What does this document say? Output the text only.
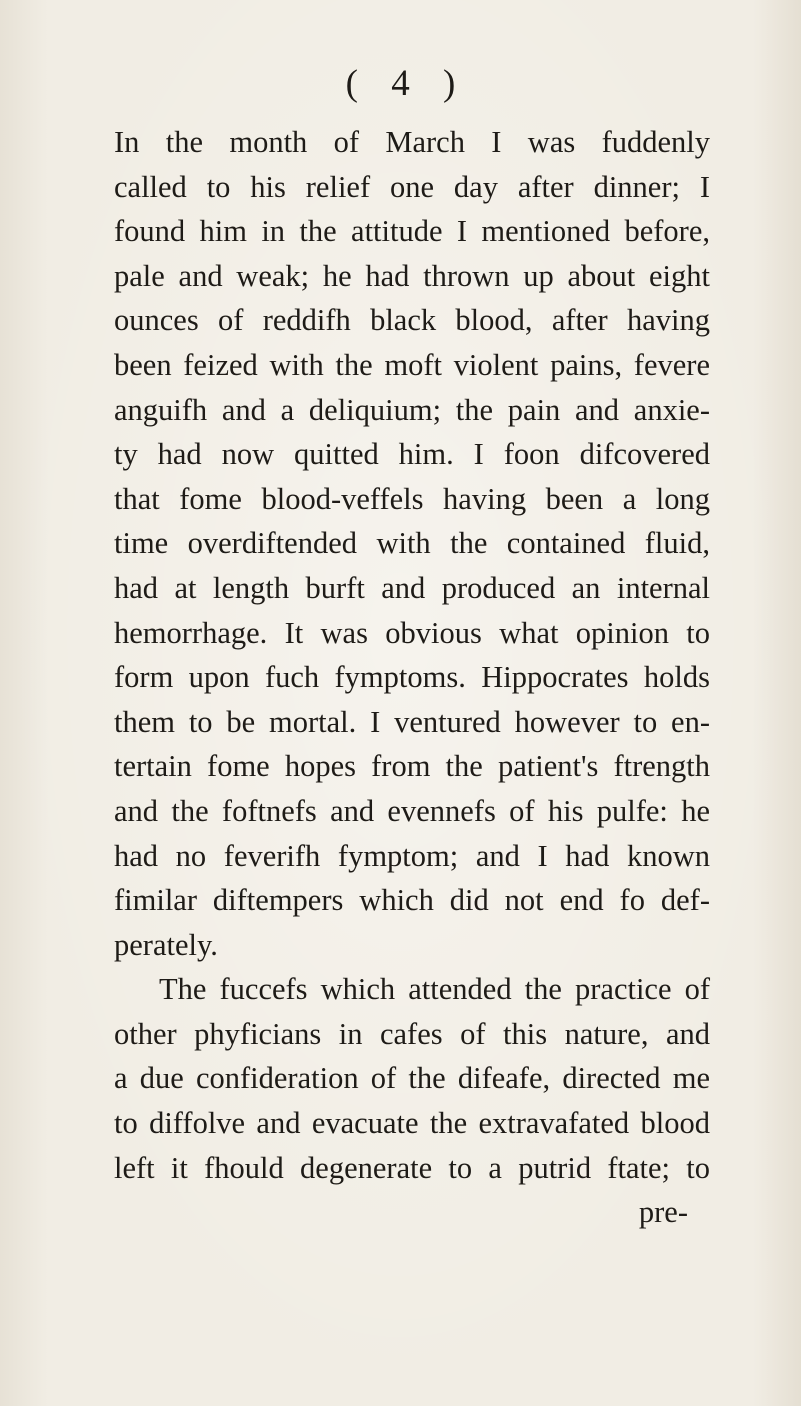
( 4 )
In the month of March I was fuddenly
called to his relief one day after dinner; I
found him in the attitude I mentioned before,
pale and weak; he had thrown up about eight
ounces of reddifh black blood, after having
been feized with the moft violent pains, fevere
anguifh and a deliquium; the pain and anxie-
ty had now quitted him. I foon difcovered
that fome blood-veffels having been a long
time overdiftended with the contained fluid,
had at length burft and produced an internal
hemorrhage. It was obvious what opinion to
form upon fuch fymptoms. Hippocrates holds
them to be mortal. I ventured however to en-
tertain fome hopes from the patient's ftrength
and the foftnefs and evennefs of his pulfe: he
had no feverifh fymptom; and I had known
fimilar diftempers which did not end fo def-
perately.
The fuccefs which attended the practice of
other phyficians in cafes of this nature, and
a due confideration of the difeafe, directed me
to diffolve and evacuate the extravafated blood
left it fhould degenerate to a putrid ftate; to
pre-
